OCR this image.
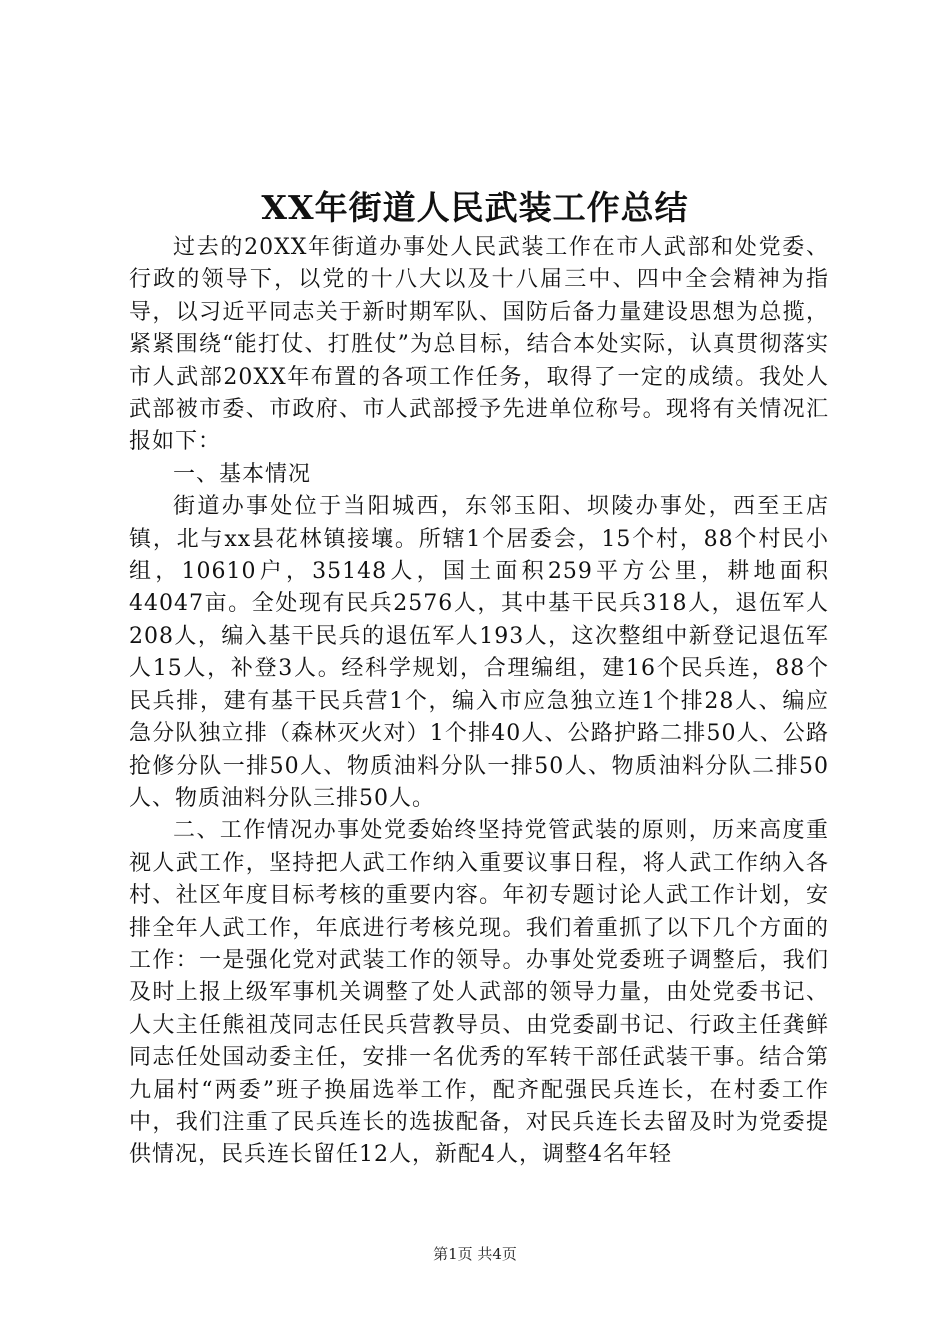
XX年街道人民武装工作总结

过去的20XX年街道办事处人民武装工作在市人武部和处党委、行政的领导下，以党的十八大以及十八届三中、四中全会精神为指导，以习近平同志关于新时期军队、国防后备力量建设思想为总揽，紧紧围绕“能打仗、打胜仗”为总目标，结合本处实际，认真贯彻落实市人武部20XX年布置的各项工作任务，取得了一定的成绩。我处人武部被市委、市政府、市人武部授予先进单位称号。现将有关情况汇报如下：

一、基本情况

街道办事处位于当阳城西，东邻玉阳、坝陵办事处，西至王店镇，北与xx县花林镇接壤。所辖1个居委会，15个村，88个村民小组，10610户，35148人，国土面积259平方公里，耕地面积44047亩。全处现有民兵2576人，其中基干民兵318人，退伍军人208人，编入基干民兵的退伍军人193人，这次整组中新登记退伍军人15人，补登3人。经科学规划，合理编组，建16个民兵连，88个民兵排，建有基干民兵营1个，编入市应急独立连1个排28人、编应急分队独立排（森林灭火对）1个排40人、公路护路二排50人、公路抢修分队一排50人、物质油料分队一排50人、物质油料分队二排50人、物质油料分队三排50人。

二、工作情况办事处党委始终坚持党管武装的原则，历来高度重视人武工作，坚持把人武工作纳入重要议事日程，将人武工作纳入各村、社区年度目标考核的重要内容。年初专题讨论人武工作计划，安排全年人武工作，年底进行考核兑现。我们着重抓了以下几个方面的工作：一是强化党对武装工作的领导。办事处党委班子调整后，我们及时上报上级军事机关调整了处人武部的领导力量，由处党委书记、人大主任熊祖茂同志任民兵营教导员、由党委副书记、行政主任龚鲜同志任处国动委主任，安排一名优秀的军转干部任武装干事。结合第九届村“两委”班子换届选举工作，配齐配强民兵连长，在村委工作中，我们注重了民兵连长的选拔配备，对民兵连长去留及时为党委提供情况，民兵连长留任12人，新配4人，调整4名年轻

第1页 共4页
